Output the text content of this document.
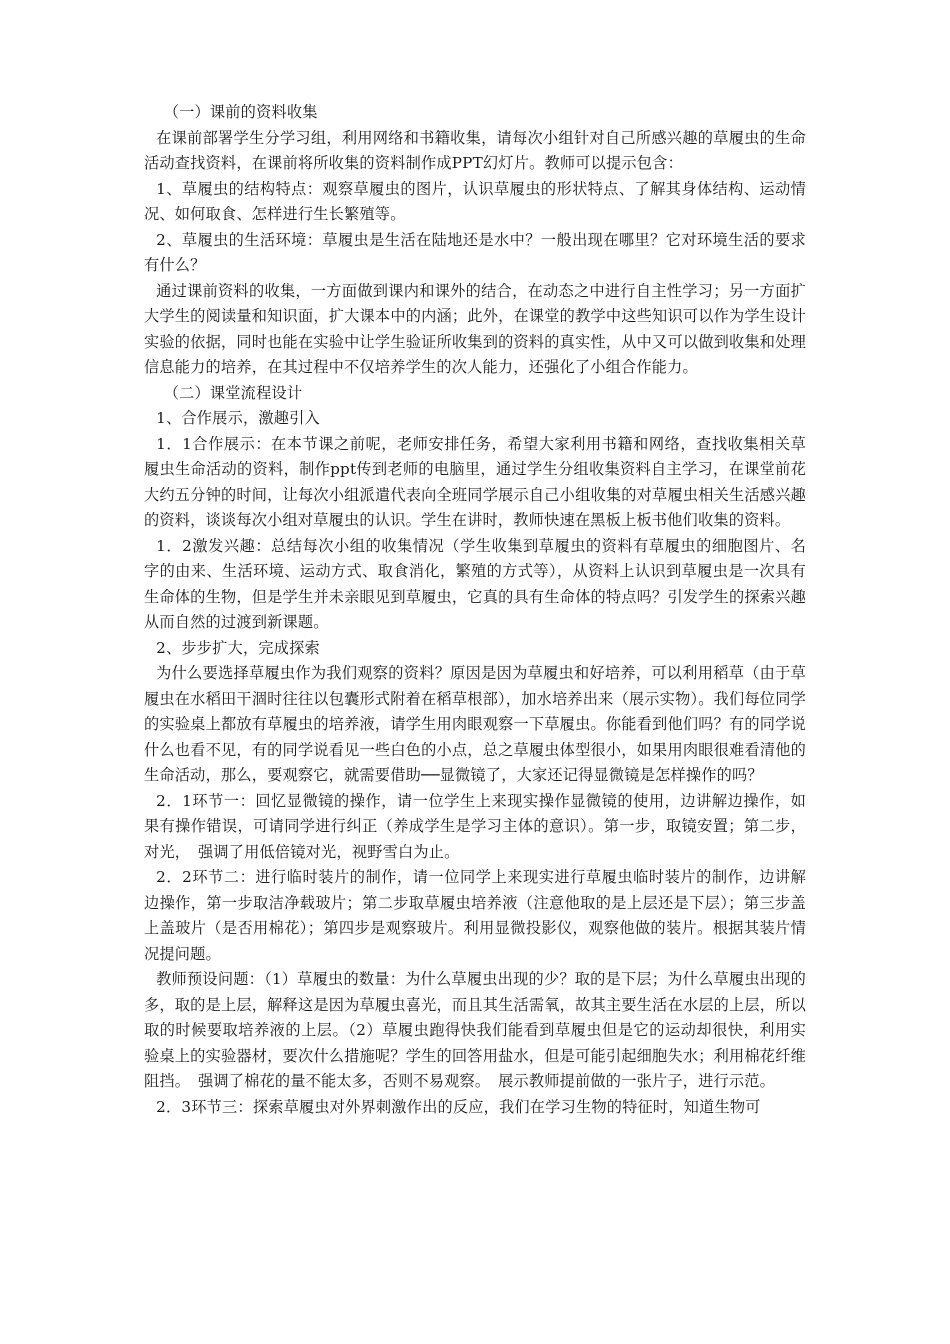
（一）课前的资料收集

在课前部署学生分学习组，利用网络和书籍收集，请每次小组针对自己所感兴趣的草履虫的生命活动查找资料，在课前将所收集的资料制作成PPT幻灯片。教师可以提示包含：

1、草履虫的结构特点：观察草履虫的图片，认识草履虫的形状特点、了解其身体结构、运动情况、如何取食、怎样进行生长繁殖等。

2、草履虫的生活环境：草履虫是生活在陆地还是水中？一般出现在哪里？它对环境生活的要求有什么？

通过课前资料的收集，一方面做到课内和课外的结合，在动态之中进行自主性学习；另一方面扩大学生的阅读量和知识面，扩大课本中的内涵；此外，在课堂的教学中这些知识可以作为学生设计实验的依据，同时也能在实验中让学生验证所收集到的资料的真实性，从中又可以做到收集和处理信息能力的培养，在其过程中不仅培养学生的次人能力，还强化了小组合作能力。

（二）课堂流程设计

1、合作展示，激趣引入

1．1合作展示：在本节课之前呢，老师安排任务，希望大家利用书籍和网络，查找收集相关草履虫生命活动的资料，制作ppt传到老师的电脑里，通过学生分组收集资料自主学习，在课堂前花大约五分钟的时间，让每次小组派遣代表向全班同学展示自己小组收集的对草履虫相关生活感兴趣的资料，谈谈每次小组对草履虫的认识。学生在讲时，教师快速在黑板上板书他们收集的资料。

1．2激发兴趣：总结每次小组的收集情况（学生收集到草履虫的资料有草履虫的细胞图片、名字的由来、生活环境、运动方式、取食消化，繁殖的方式等），从资料上认识到草履虫是一次具有生命体的生物，但是学生并未亲眼见到草履虫，它真的具有生命体的特点吗？引发学生的探索兴趣从而自然的过渡到新课题。

2、步步扩大，完成探索

为什么要选择草履虫作为我们观察的资料？原因是因为草履虫和好培养，可以利用稻草（由于草履虫在水稻田干涸时往往以包囊形式附着在稻草根部），加水培养出来（展示实物）。我们每位同学的实验桌上都放有草履虫的培养液，请学生用肉眼观察一下草履虫。你能看到他们吗？有的同学说什么也看不见，有的同学说看见一些白色的小点，总之草履虫体型很小，如果用肉眼很难看清他的生命活动，那么，要观察它，就需要借助──显微镜了，大家还记得显微镜是怎样操作的吗？

2．1环节一：回忆显微镜的操作，请一位学生上来现实操作显微镜的使用，边讲解边操作，如果有操作错误，可请同学进行纠正（养成学生是学习主体的意识）。第一步，取镜安置；第二步，对光，　强调了用低倍镜对光，视野雪白为止。

2．2环节二：进行临时装片的制作，请一位同学上来现实进行草履虫临时装片的制作，边讲解边操作，第一步取洁净载玻片；第二步取草履虫培养液（注意他取的是上层还是下层）；第三步盖上盖玻片（是否用棉花）；第四步是观察玻片。利用显微投影仪，观察他做的装片。根据其装片情况提问题。

教师预设问题：（1）草履虫的数量：为什么草履虫出现的少？取的是下层；为什么草履虫出现的多，取的是上层，解释这是因为草履虫喜光，而且其生活需氧，故其主要生活在水层的上层，所以取的时候要取培养液的上层。（2）草履虫跑得快我们能看到草履虫但是它的运动却很快，利用实验桌上的实验器材，要次什么措施呢？学生的回答用盐水，但是可能引起细胞失水；利用棉花纤维阻挡。　强调了棉花的量不能太多，否则不易观察。　展示教师提前做的一张片子，进行示范。

2．3环节三：探索草履虫对外界刺激作出的反应，我们在学习生物的特征时，知道生物可
